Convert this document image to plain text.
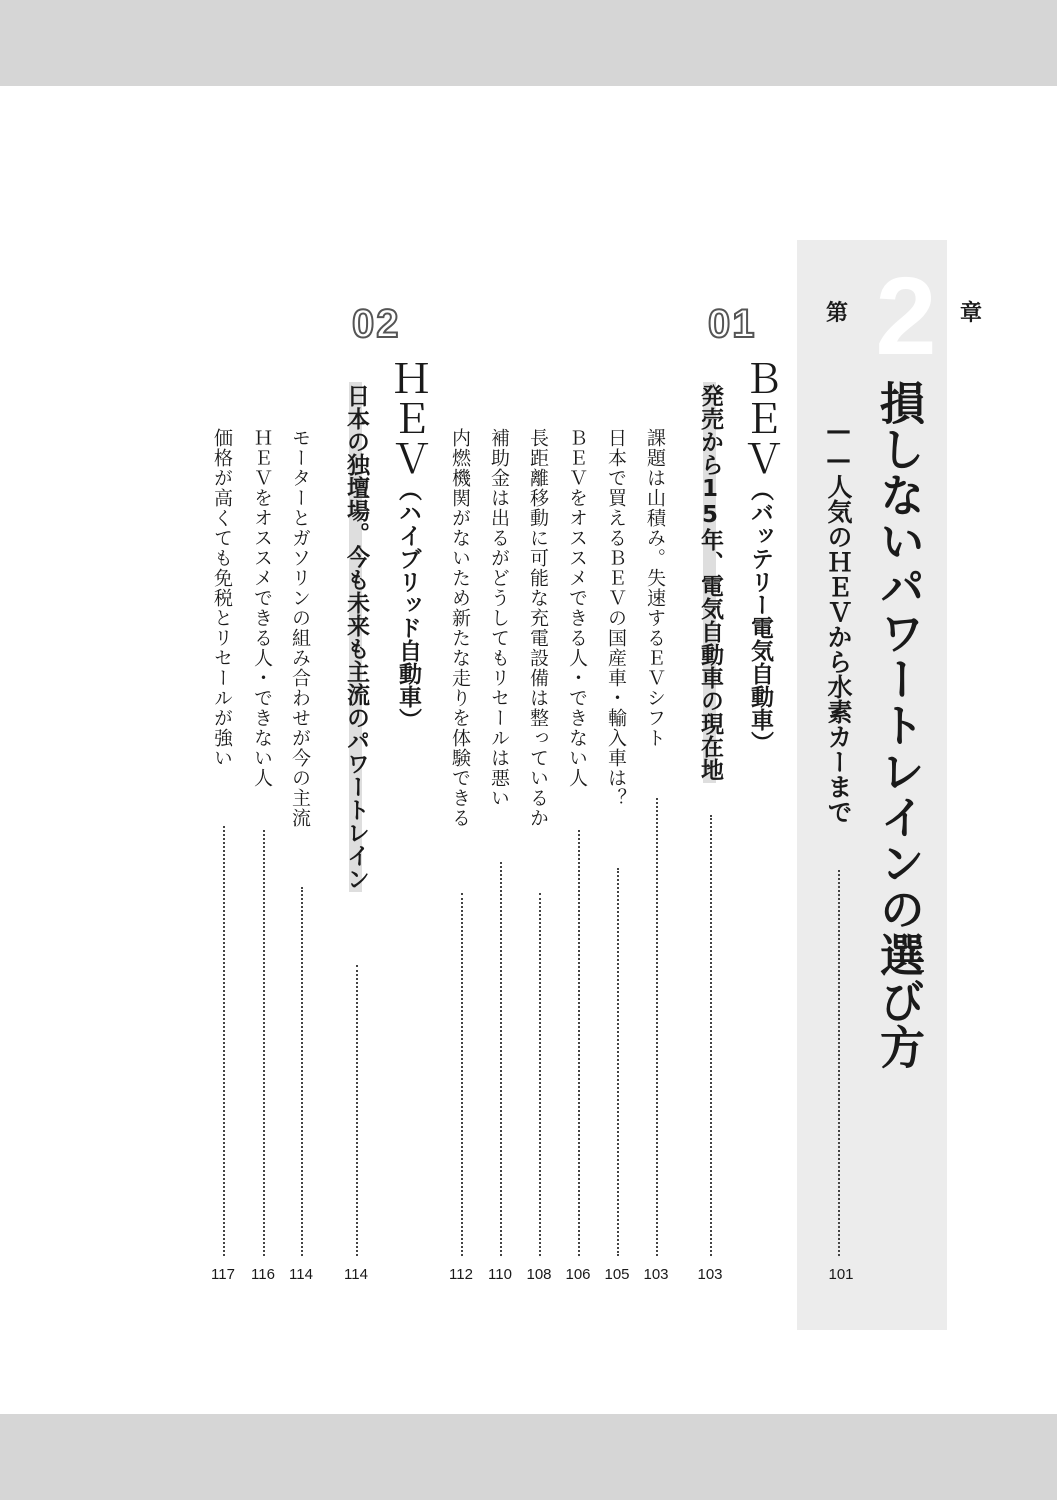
第 2	章
損しないパワートレインの選び方
——人気のＨＥＶから水素カーまで
101
01
ＢＥＶ（バッテリー電気自動車）
発売から15年、電気自動車の現在地
103
課題は山積み。失速するＥＶシフト
103
日本で買えるＢＥＶの国産車・輸入車は？
105
ＢＥＶをオススメできる人・できない人
106
長距離移動に可能な充電設備は整っているか
108
補助金は出るがどうしてもリセールは悪い
110
内燃機関がないため新たな走りを体験できる
112
02
ＨＥＶ（ハイブリッド自動車）
日本の独壇場。今も未来も主流のパワートレイン
114
モーターとガソリンの組み合わせが今の主流
114
ＨＥＶをオススメできる人・できない人
116
価格が高くても免税とリセールが強い
117
